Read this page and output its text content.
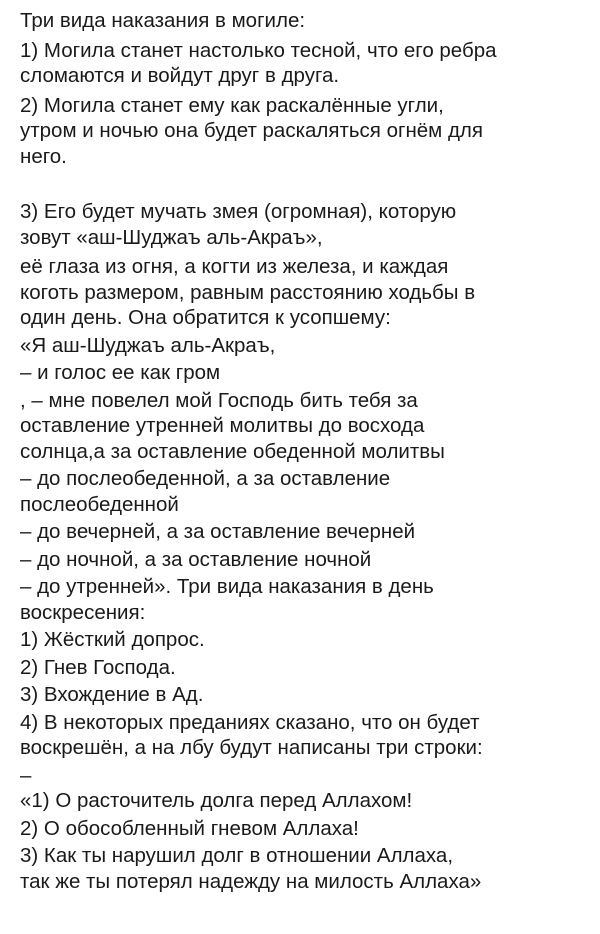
Три вида наказания в могиле:
1) Могила станет настолько тесной, что его ребра
сломаются и войдут друг в друга.
2) Могила станет ему как раскалённые угли,
утром и ночью она будет раскаляться огнём для
него.
3) Его будет мучать змея (огромная), которую
зовут «аш-Шуджаъ аль-Акраъ»,
её глаза из огня, а когти из железа, и каждая
коготь размером, равным расстоянию ходьбы в
один день. Она обратится к усопшему:
«Я аш-Шуджаъ аль-Акраъ,
– и голос ее как гром
, – мне повелел мой Господь бить тебя за
оставление утренней молитвы до восхода
солнца,а за оставление обеденной молитвы
– до послеобеденной, а за оставление
послеобеденной
– до вечерней, а за оставление вечерней
– до ночной, а за оставление ночной
– до утренней». Три вида наказания в день
воскресения:
1) Жёсткий допрос.
2) Гнев Господа.
3) Вхождение в Ад.
4) В некоторых преданиях сказано, что он будет
воскрешён, а на лбу будут написаны три строки:
–
«1) О расточитель долга перед Аллахом!
2) О обособленный гневом Аллаха!
3) Как ты нарушил долг в отношении Аллаха,
так же ты потерял надежду на милость Аллаха»
